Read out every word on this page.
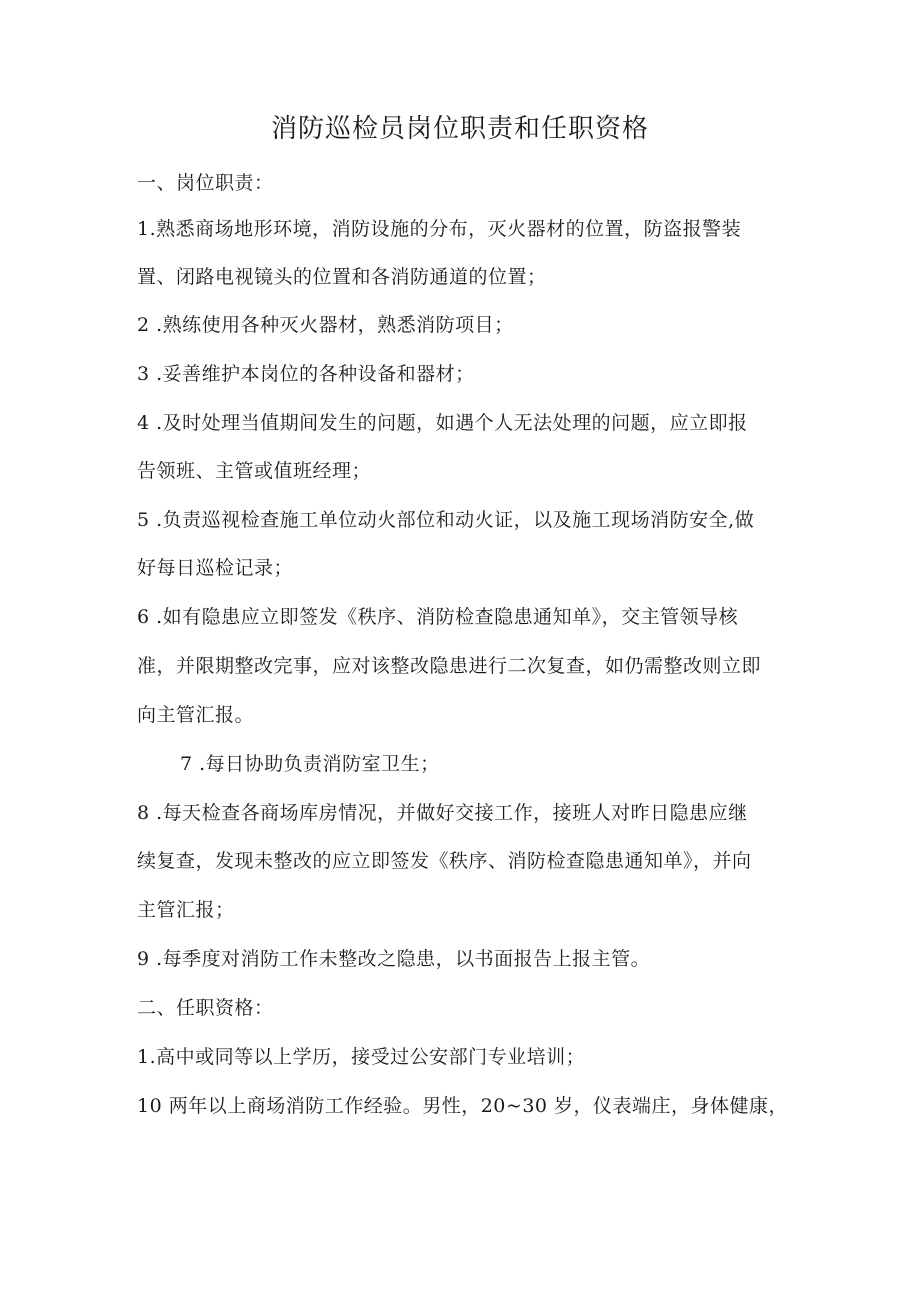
消防巡检员岗位职责和任职资格
一、岗位职责：
1.熟悉商场地形环境，消防设施的分布，灭火器材的位置，防盗报警装
置、闭路电视镜头的位置和各消防通道的位置；
2 .熟练使用各种灭火器材，熟悉消防项目；
3 .妥善维护本岗位的各种设备和器材；
4 .及时处理当值期间发生的问题，如遇个人无法处理的问题，应立即报
告领班、主管或值班经理；
5 .负责巡视检查施工单位动火部位和动火证，以及施工现场消防安全,做
好每日巡检记录；
6 .如有隐患应立即签发《秩序、消防检查隐患通知单》，交主管领导核
准，并限期整改完事，应对该整改隐患进行二次复查，如仍需整改则立即
向主管汇报。
7 .每日协助负责消防室卫生；
8 .每天检查各商场库房情况，并做好交接工作，接班人对昨日隐患应继
续复查，发现未整改的应立即签发《秩序、消防检查隐患通知单》，并向
主管汇报；
9 .每季度对消防工作未整改之隐患，以书面报告上报主管。
二、任职资格：
1.高中或同等以上学历，接受过公安部门专业培训；
10 两年以上商场消防工作经验。男性，20~30 岁，仪表端庄，身体健康，
